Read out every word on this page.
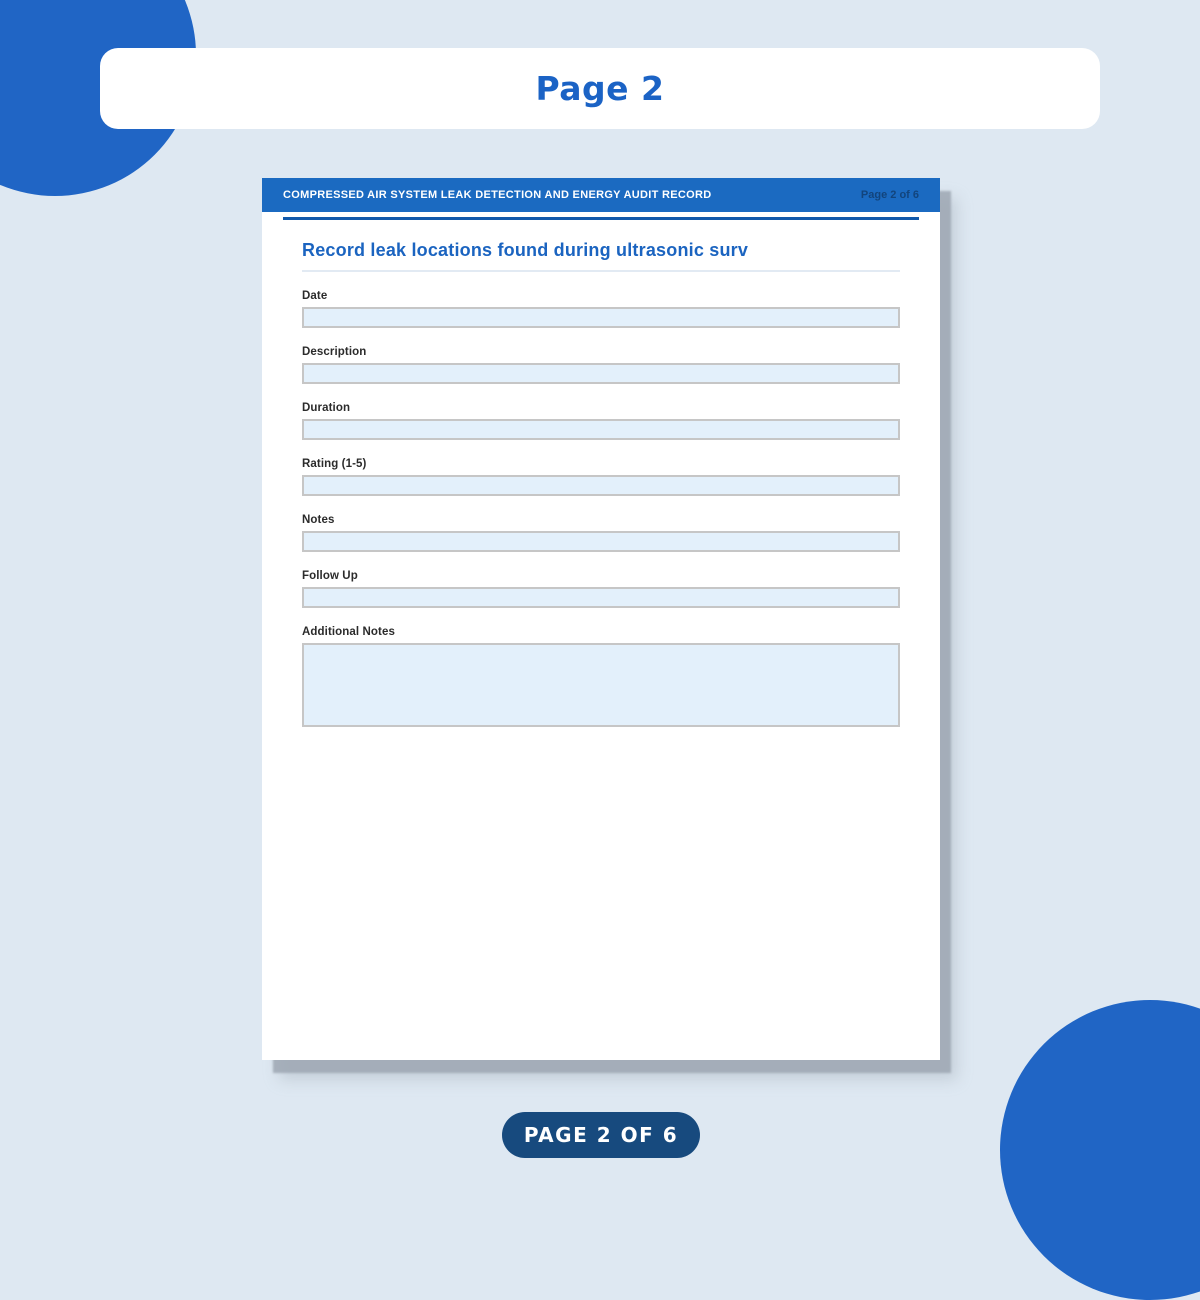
Page 2
COMPRESSED AIR SYSTEM LEAK DETECTION AND ENERGY AUDIT RECORD	Page 2 of 6
Record leak locations found during ultrasonic surv
Date
Description
Duration
Rating (1-5)
Notes
Follow Up
Additional Notes
PAGE 2 OF 6
